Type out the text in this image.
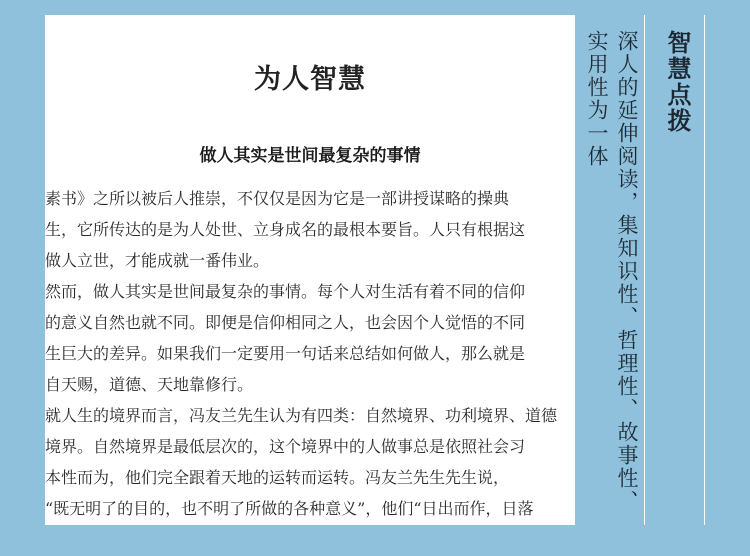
为人智慧
做人其实是世间最复杂的事情
素书》之所以被后人推崇，不仅仅是因为它是一部讲授谋略的操典
生，它所传达的是为人处世、立身成名的最根本要旨。人只有根据这
做人立世，才能成就一番伟业。
然而，做人其实是世间最复杂的事情。每个人对生活有着不同的信仰
的意义自然也就不同。即便是信仰相同之人，也会因个人觉悟的不同
生巨大的差异。如果我们一定要用一句话来总结如何做人，那么就是
自天赐，道德、天地靠修行。
就人生的境界而言，冯友兰先生认为有四类：自然境界、功利境界、道德
境界。自然境界是最低层次的，这个境界中的人做事总是依照社会习
本性而为，他们完全跟着天地的运转而运转。冯友兰先生先生说，
“既无明了的目的，也不明了所做的各种意义”，他们“日出而作，日落
智慧点拨
深人的延伸阅读，集知识性、哲理性、故事性、实用性为一体
